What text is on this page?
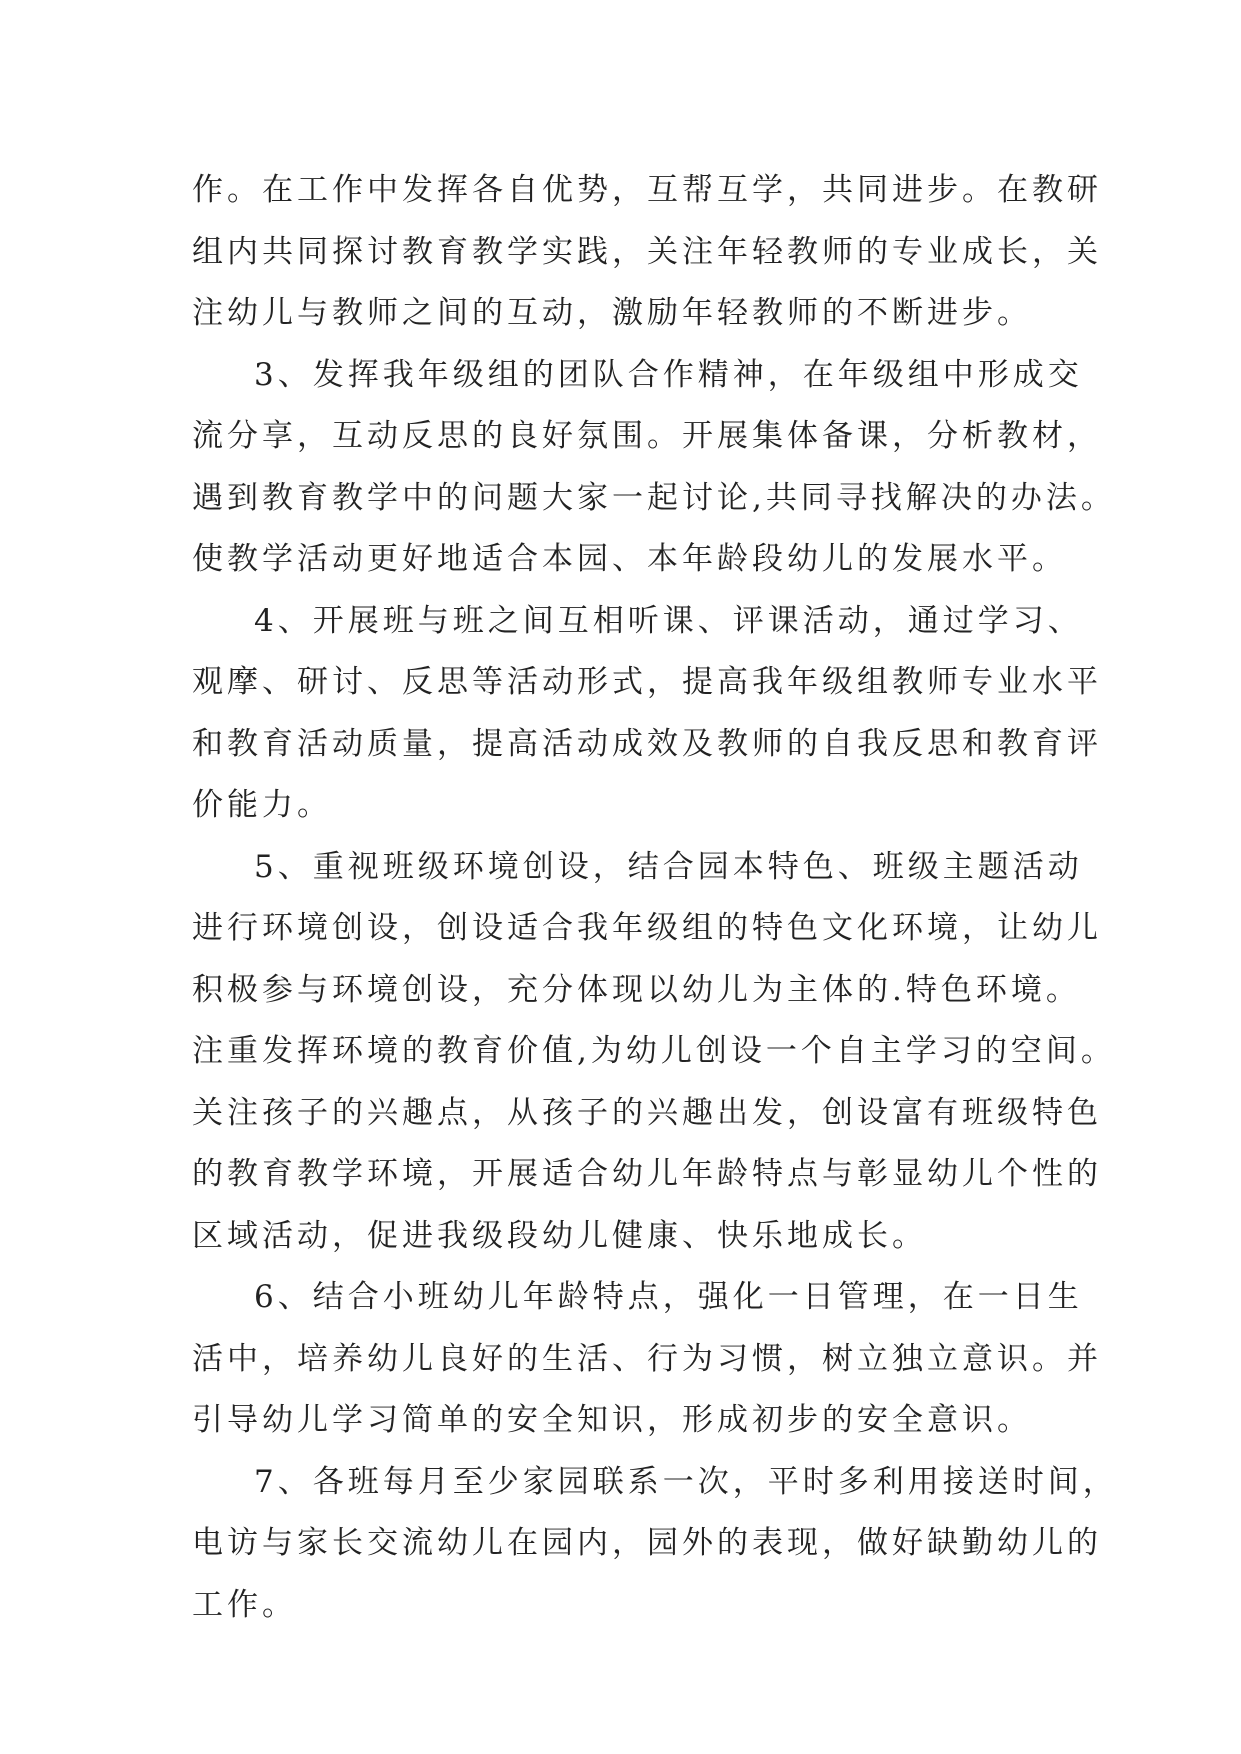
作。在工作中发挥各自优势，互帮互学，共同进步。在教研
组内共同探讨教育教学实践，关注年轻教师的专业成长，关
注幼儿与教师之间的互动，激励年轻教师的不断进步。
3、发挥我年级组的团队合作精神，在年级组中形成交
流分享，互动反思的良好氛围。开展集体备课，分析教材，
遇到教育教学中的问题大家一起讨论,共同寻找解决的办法。
使教学活动更好地适合本园、本年龄段幼儿的发展水平。
4、开展班与班之间互相听课、评课活动，通过学习、
观摩、研讨、反思等活动形式，提高我年级组教师专业水平
和教育活动质量，提高活动成效及教师的自我反思和教育评
价能力。
5、重视班级环境创设，结合园本特色、班级主题活动
进行环境创设，创设适合我年级组的特色文化环境，让幼儿
积极参与环境创设，充分体现以幼儿为主体的.特色环境。
注重发挥环境的教育价值,为幼儿创设一个自主学习的空间。
关注孩子的兴趣点，从孩子的兴趣出发，创设富有班级特色
的教育教学环境，开展适合幼儿年龄特点与彰显幼儿个性的
区域活动，促进我级段幼儿健康、快乐地成长。
6、结合小班幼儿年龄特点，强化一日管理，在一日生
活中，培养幼儿良好的生活、行为习惯，树立独立意识。并
引导幼儿学习简单的安全知识，形成初步的安全意识。
7、各班每月至少家园联系一次，平时多利用接送时间，
电访与家长交流幼儿在园内，园外的表现，做好缺勤幼儿的
工作。
